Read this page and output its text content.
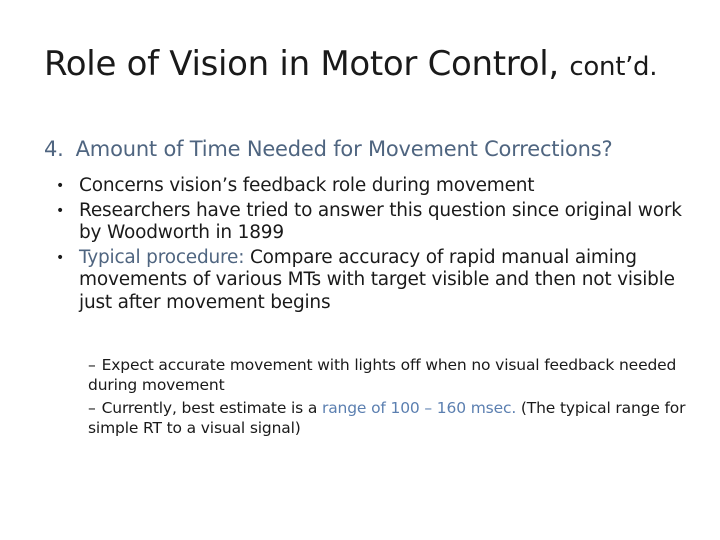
Role of Vision in Motor Control, cont’d.
4. Amount of Time Needed for Movement Corrections?
• Concerns vision’s feedback role during movement
• Researchers have tried to answer this question since original work by Woodworth in 1899
• Typical procedure: Compare accuracy of rapid manual aiming movements of various MTs with target visible and then not visible just after movement begins
– Expect accurate movement with lights off when no visual feedback needed during movement
– Currently, best estimate is a range of 100 – 160 msec. (The typical range for simple RT to a visual signal)
